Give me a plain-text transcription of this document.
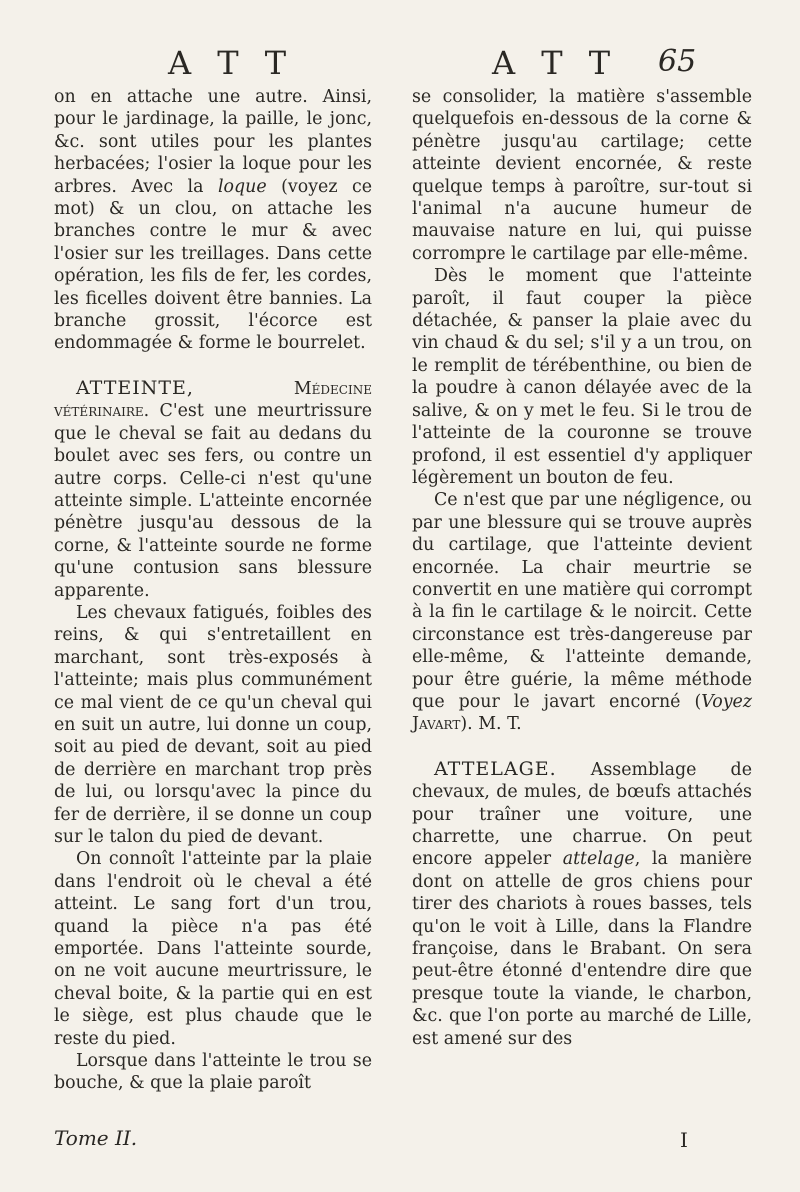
A T T	A T T 65

on en attache une autre. Ainsi, pour le jardinage, la paille, le jonc, &c. sont utiles pour les plantes herbacées; l'osier la loque pour les arbres. Avec la loque (voyez ce mot) & un clou, on attache les branches contre le mur & avec l'osier sur les treillages. Dans cette opération, les fils de fer, les cordes, les ficelles doivent être bannies. La branche grossit, l'écorce est endommagée & forme le bourrelet.

ATTEINTE,	Médecine vétérinaire. C'est une meurtrissure que le cheval se fait au dedans du boulet avec ses fers, ou contre un autre corps. Celle-ci n'est qu'une atteinte simple. L'atteinte encornée pénètre jusqu'au dessous de la corne, & l'atteinte sourde ne forme qu'une contusion sans blessure apparente.

Les chevaux fatigués, foibles des reins, & qui s'entretaillent en marchant, sont très-exposés à l'atteinte; mais plus communément ce mal vient de ce qu'un cheval qui en suit un autre, lui donne un coup, soit au pied de devant, soit au pied de derrière en marchant trop près de lui, ou lorsqu'avec la pince du fer de derrière, il se donne un coup sur le talon du pied de devant.

On connoît l'atteinte par la plaie dans l'endroit où le cheval a été atteint. Le sang fort d'un trou, quand la pièce n'a pas été emportée. Dans l'atteinte sourde, on ne voit aucune meurtrissure, le cheval boite, & la partie qui en est le siège, est plus chaude que le reste du pied.

Lorsque dans l'atteinte le trou se bouche, & que la plaie paroît

se consolider, la matière s'assemble quelquefois en-dessous de la corne & pénètre jusqu'au cartilage; cette atteinte devient encornée, & reste quelque temps à paroître, sur-tout si l'animal n'a aucune humeur de mauvaise nature en lui, qui puisse corrompre le cartilage par elle-même.

Dès le moment que l'atteinte paroît, il faut couper la pièce détachée, & panser la plaie avec du vin chaud & du sel; s'il y a un trou, on le remplit de térébenthine, ou bien de la poudre à canon délayée avec de la salive, & on y met le feu. Si le trou de l'atteinte de la couronne se trouve profond, il est essentiel d'y appliquer légèrement un bouton de feu.

Ce n'est que par une négligence, ou par une blessure qui se trouve auprès du cartilage, que l'atteinte devient encornée. La chair meurtrie se convertit en une matière qui corrompt à la fin le cartilage & le noircit. Cette circonstance est très-dangereuse par elle-même, & l'atteinte demande, pour être guérie, la même méthode que pour le javart encorné (Voyez Javart). M. T.

ATTELAGE. Assemblage de chevaux, de mules, de bœufs attachés pour traîner une voiture, une charrette, une charrue. On peut encore appeler attelage, la manière dont on attelle de gros chiens pour tirer des chariots à roues basses, tels qu'on le voit à Lille, dans la Flandre françoise, dans le Brabant. On sera peut-être étonné d'entendre dire que presque toute la viande, le charbon, &c. que l'on porte au marché de Lille, est amené sur des

Tome II.	I
